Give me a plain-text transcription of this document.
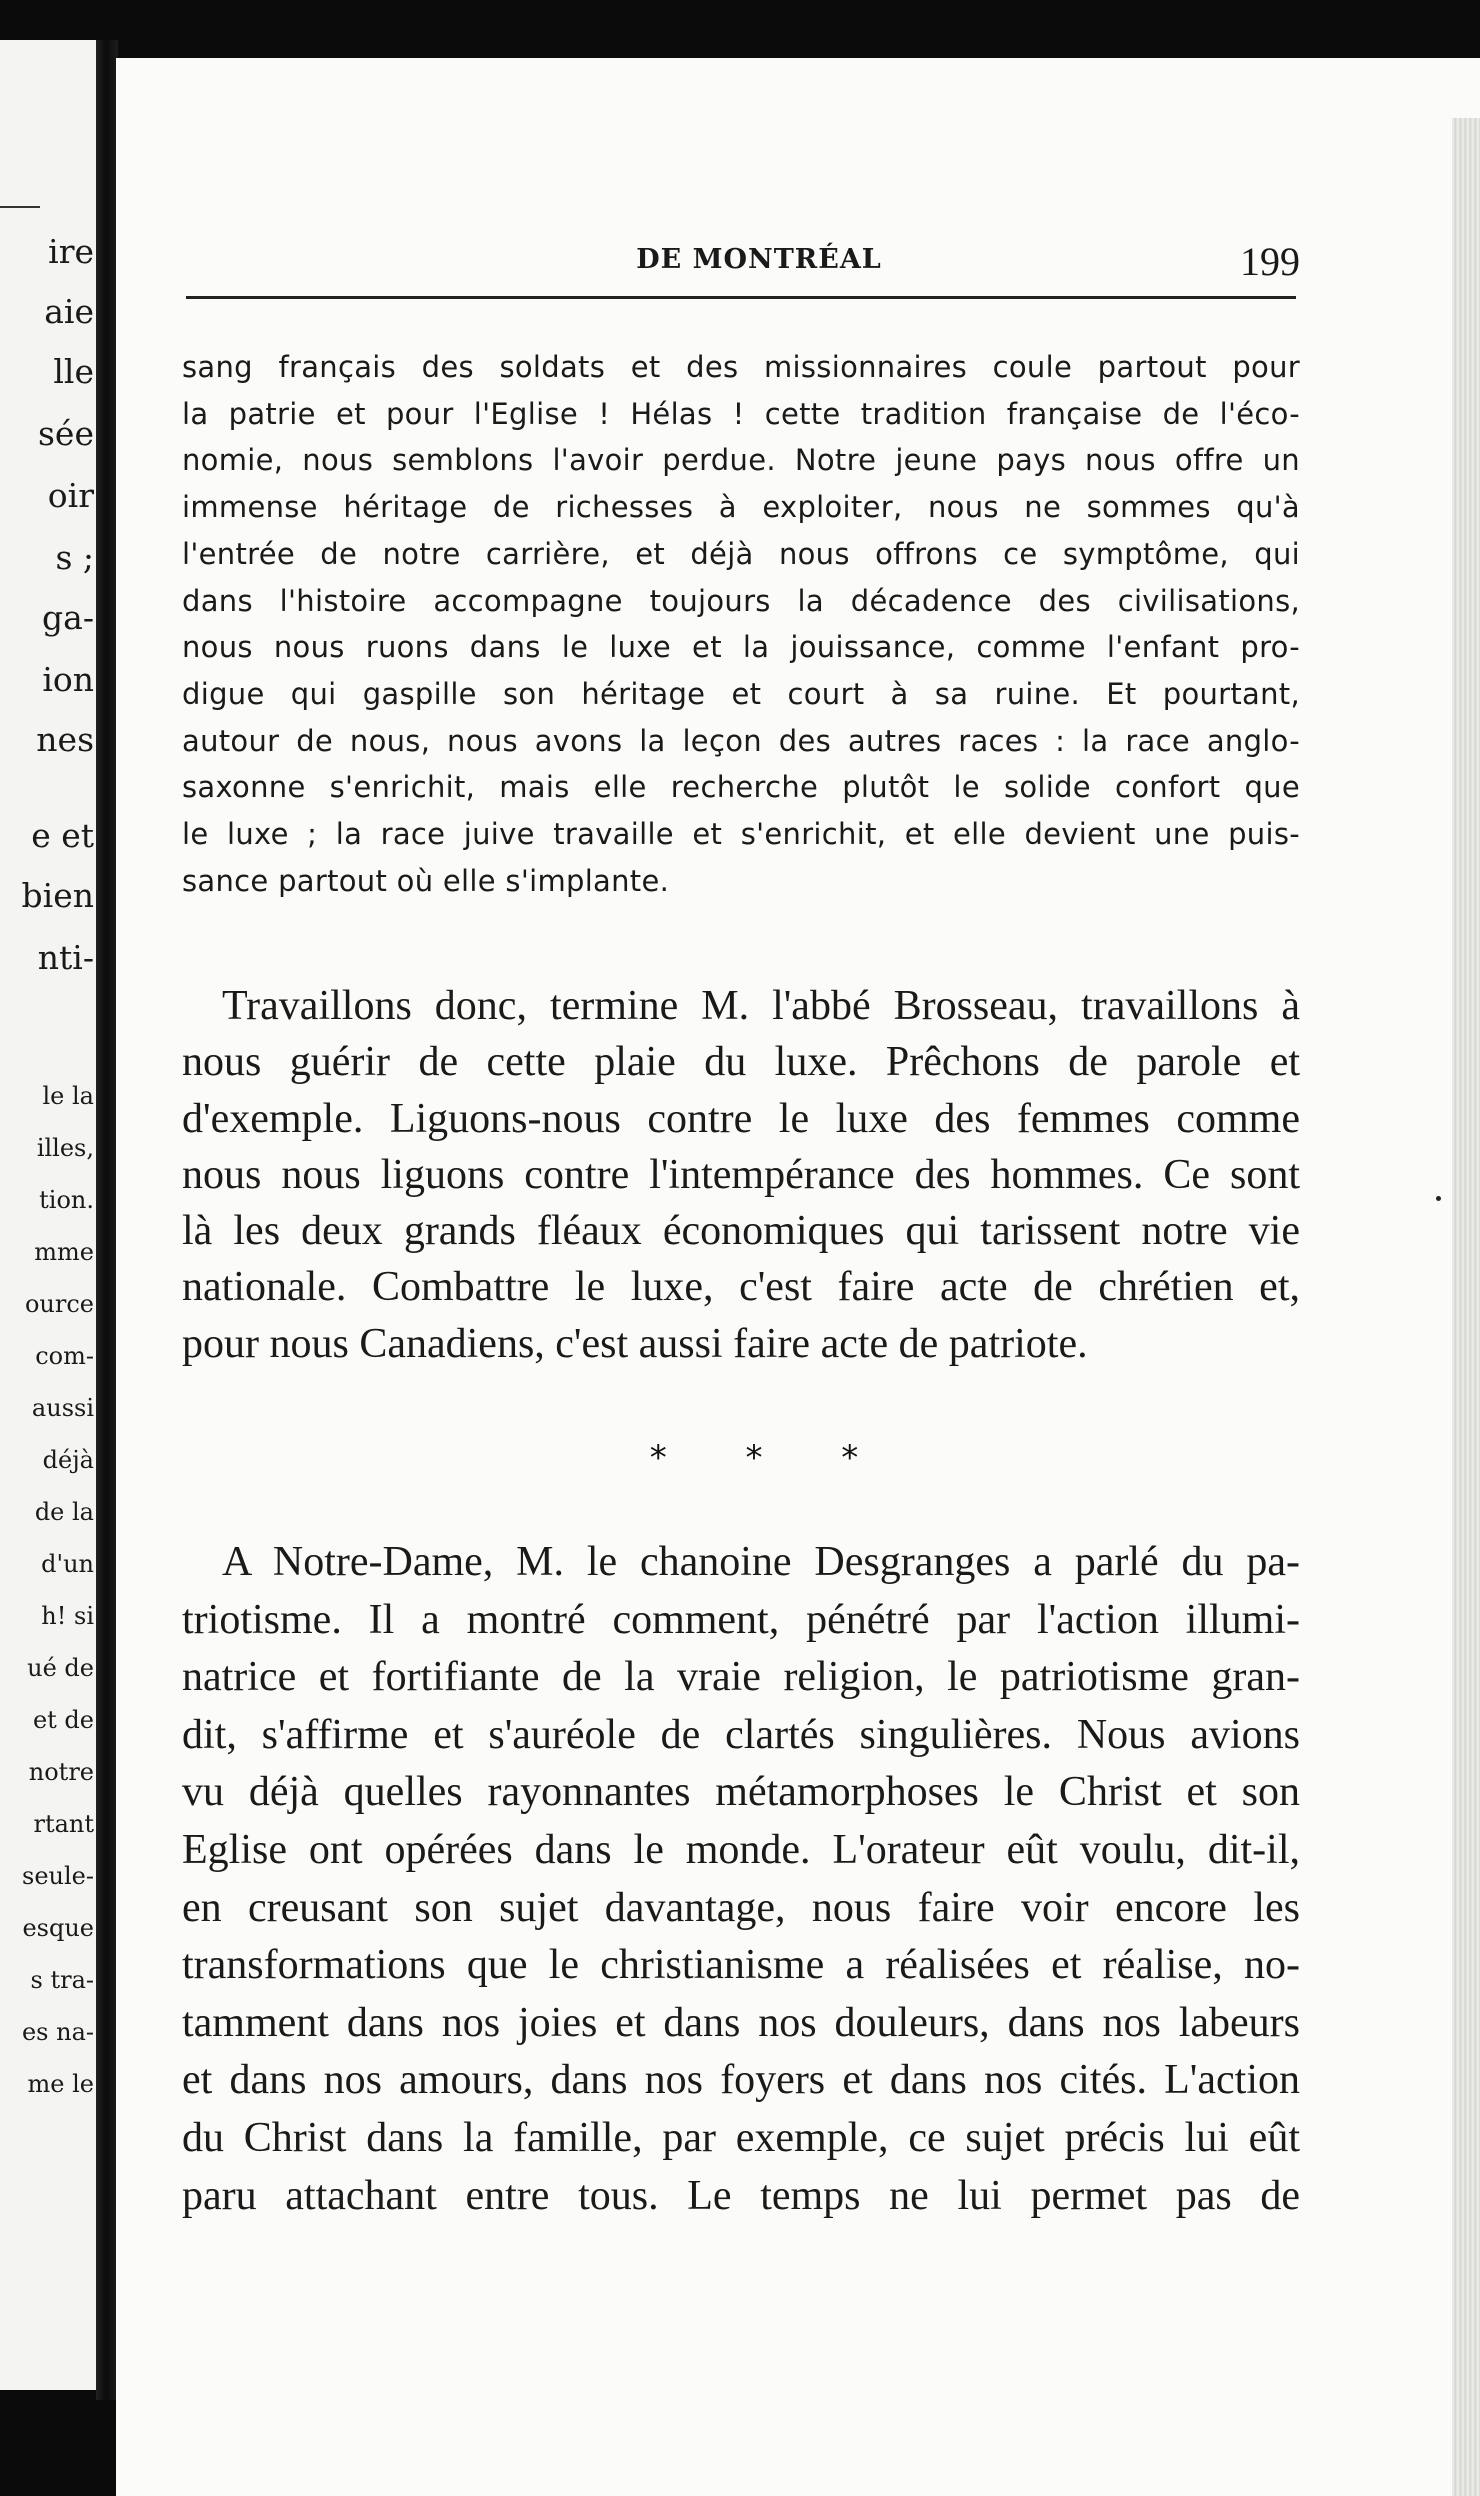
ire
aie
lle
sée
oir
s ;
ga-
ion
nes
e et
bien
nti-
le la
illes,
tion.
mme
ource
com-
aussi
déjà
de la
d'un
h! si
ué de
et de
notre
rtant
seule-
esque
s tra-
es na-
me le
DE MONTRÉAL	199
sang français des soldats et des missionnaires coule partout pour
la patrie et pour l'Eglise ! Hélas ! cette tradition française de l'éco-
nomie, nous semblons l'avoir perdue. Notre jeune pays nous offre un
immense héritage de richesses à exploiter, nous ne sommes qu'à
l'entrée de notre carrière, et déjà nous offrons ce symptôme, qui
dans l'histoire accompagne toujours la décadence des civilisations,
nous nous ruons dans le luxe et la jouissance, comme l'enfant pro-
digue qui gaspille son héritage et court à sa ruine. Et pourtant,
autour de nous, nous avons la leçon des autres races : la race anglo-
saxonne s'enrichit, mais elle recherche plutôt le solide confort que
le luxe ; la race juive travaille et s'enrichit, et elle devient une puis-
sance partout où elle s'implante.
Travaillons donc, termine M. l'abbé Brosseau, travaillons à
nous guérir de cette plaie du luxe. Prêchons de parole et
d'exemple. Liguons-nous contre le luxe des femmes comme
nous nous liguons contre l'intempérance des hommes. Ce sont
là les deux grands fléaux économiques qui tarissent notre vie
nationale. Combattre le luxe, c'est faire acte de chrétien et,
pour nous Canadiens, c'est aussi faire acte de patriote.
* * *
A Notre-Dame, M. le chanoine Desgranges a parlé du pa-
triotisme. Il a montré comment, pénétré par l'action illumi-
natrice et fortifiante de la vraie religion, le patriotisme gran-
dit, s'affirme et s'auréole de clartés singulières. Nous avions
vu déjà quelles rayonnantes métamorphoses le Christ et son
Eglise ont opérées dans le monde. L'orateur eût voulu, dit-il,
en creusant son sujet davantage, nous faire voir encore les
transformations que le christianisme a réalisées et réalise, no-
tamment dans nos joies et dans nos douleurs, dans nos labeurs
et dans nos amours, dans nos foyers et dans nos cités. L'action
du Christ dans la famille, par exemple, ce sujet précis lui eût
paru attachant entre tous. Le temps ne lui permet pas de
